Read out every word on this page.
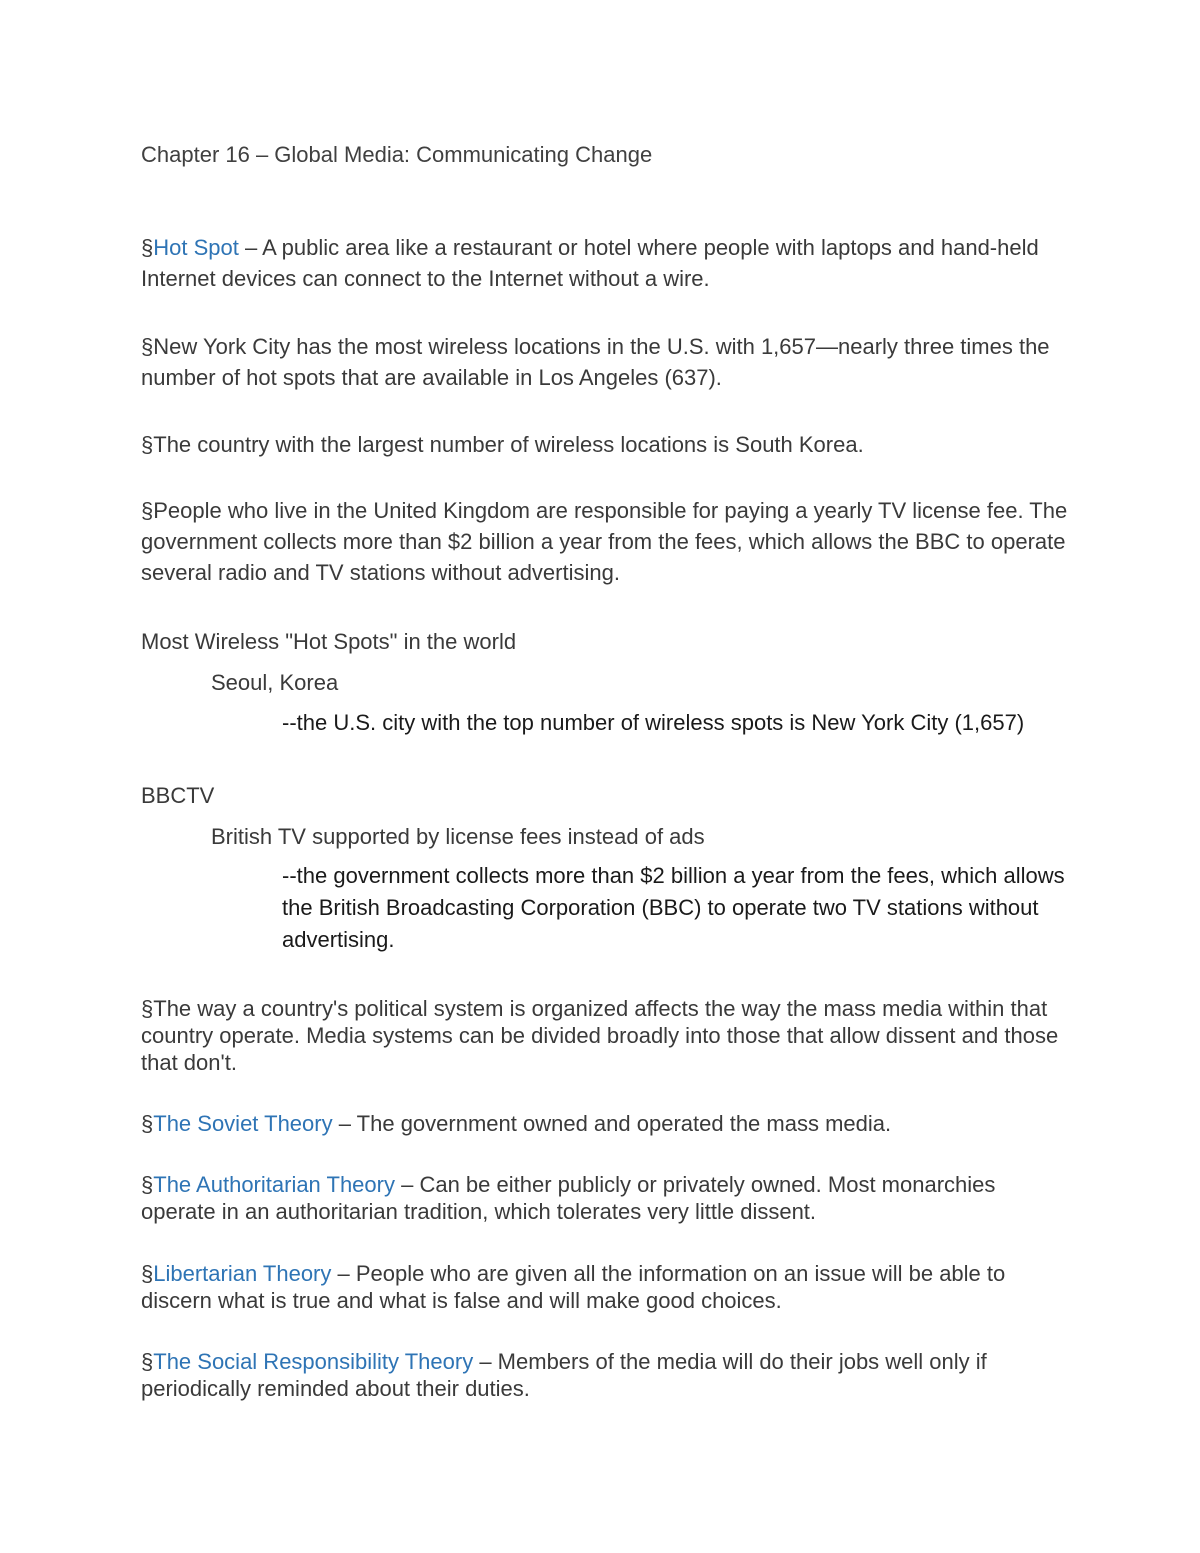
Chapter 16 – Global Media: Communicating Change

§Hot Spot – A public area like a restaurant or hotel where people with laptops and hand-held Internet devices can connect to the Internet without a wire.

§New York City has the most wireless locations in the U.S. with 1,657—nearly three times the number of hot spots that are available in Los Angeles (637).

§The country with the largest number of wireless locations is South Korea.

§People who live in the United Kingdom are responsible for paying a yearly TV license fee. The government collects more than $2 billion a year from the fees, which allows the BBC to operate several radio and TV stations without advertising.

Most Wireless "Hot Spots" in the world

Seoul, Korea

--the U.S. city with the top number of wireless spots is New York City (1,657)

BBCTV

British TV supported by license fees instead of ads

--the government collects more than $2 billion a year from the fees, which allows the British Broadcasting Corporation (BBC) to operate two TV stations without advertising.

§The way a country's political system is organized affects the way the mass media within that country operate. Media systems can be divided broadly into those that allow dissent and those that don't.

§The Soviet Theory – The government owned and operated the mass media.

§The Authoritarian Theory – Can be either publicly or privately owned. Most monarchies operate in an authoritarian tradition, which tolerates very little dissent.

§Libertarian Theory – People who are given all the information on an issue will be able to discern what is true and what is false and will make good choices.

§The Social Responsibility Theory – Members of the media will do their jobs well only if periodically reminded about their duties.
